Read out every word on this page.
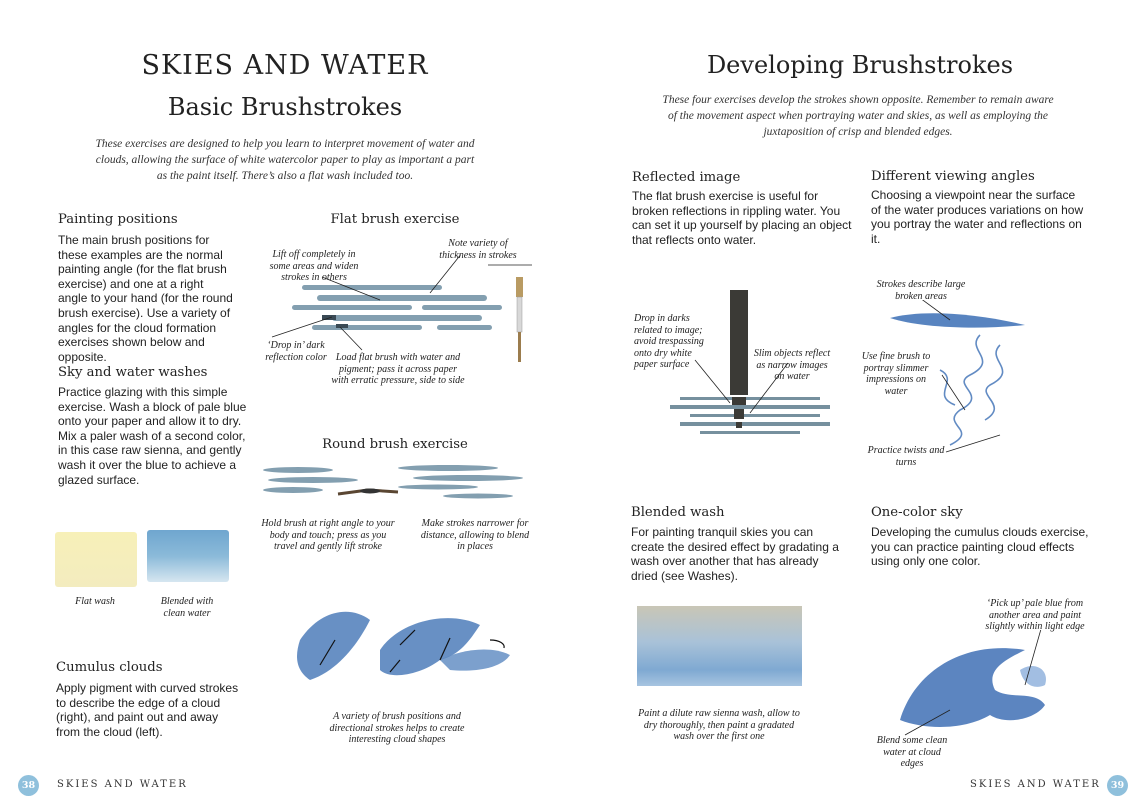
SKIES AND WATER
Basic Brushstrokes
These exercises are designed to help you learn to interpret movement of water and clouds, allowing the surface of white watercolor paper to play as important a part as the paint itself. There’s also a flat wash included too.
Painting positions
The main brush positions for these examples are the normal painting angle (for the flat brush exercise) and one at a right angle to your hand (for the round brush exercise). Use a variety of angles for the cloud formation exercises shown below and opposite.
Sky and water washes
Practice glazing with this simple exercise. Wash a block of pale blue onto your paper and allow it to dry. Mix a paler wash of a second color, in this case raw sienna, and gently wash it over the blue to achieve a glazed surface.
Cumulus clouds
Apply pigment with curved strokes to describe the edge of a cloud (right), and paint out and away from the cloud (left).
Flat brush exercise
Lift off completely in some areas and widen strokes in others
Note variety of thickness in strokes
‘Drop in’ dark reflection color Load flat brush with water and pigment; pass it across paper with erratic pressure, side to side
Round brush exercise
Hold brush at right angle to your body and touch; press as you travel and gently lift stroke
Make strokes narrower for distance, allowing to blend in places
Flat wash	Blended with clean water
A variety of brush positions and directional strokes helps to create interesting cloud shapes
38	SKIES AND WATER
Developing Brushstrokes
These four exercises develop the strokes shown opposite. Remember to remain aware of the movement aspect when portraying water and skies, as well as employing the juxtaposition of crisp and blended edges.
Reflected image
The flat brush exercise is useful for broken reflections in rippling water. You can set it up yourself by placing an object that reflects onto water.
Different viewing angles
Choosing a viewpoint near the surface of the water produces variations on how you portray the water and reflections on it.
Drop in darks related to image; avoid trespassing onto dry white paper surface
Slim objects reflect as narrow images on water
Strokes describe large broken areas
Use fine brush to portray slimmer impressions on water
Practice twists and turns
Blended wash
For painting tranquil skies you can create the desired effect by gradating a wash over another that has already dried (see Washes).
One-color sky
Developing the cumulus clouds exercise, you can practice painting cloud effects using only one color.
Paint a dilute raw sienna wash, allow to dry thoroughly, then paint a gradated wash over the first one
‘Pick up’ pale blue from another area and paint slightly within light edge
Blend some clean water at cloud edges
SKIES AND WATER	39
